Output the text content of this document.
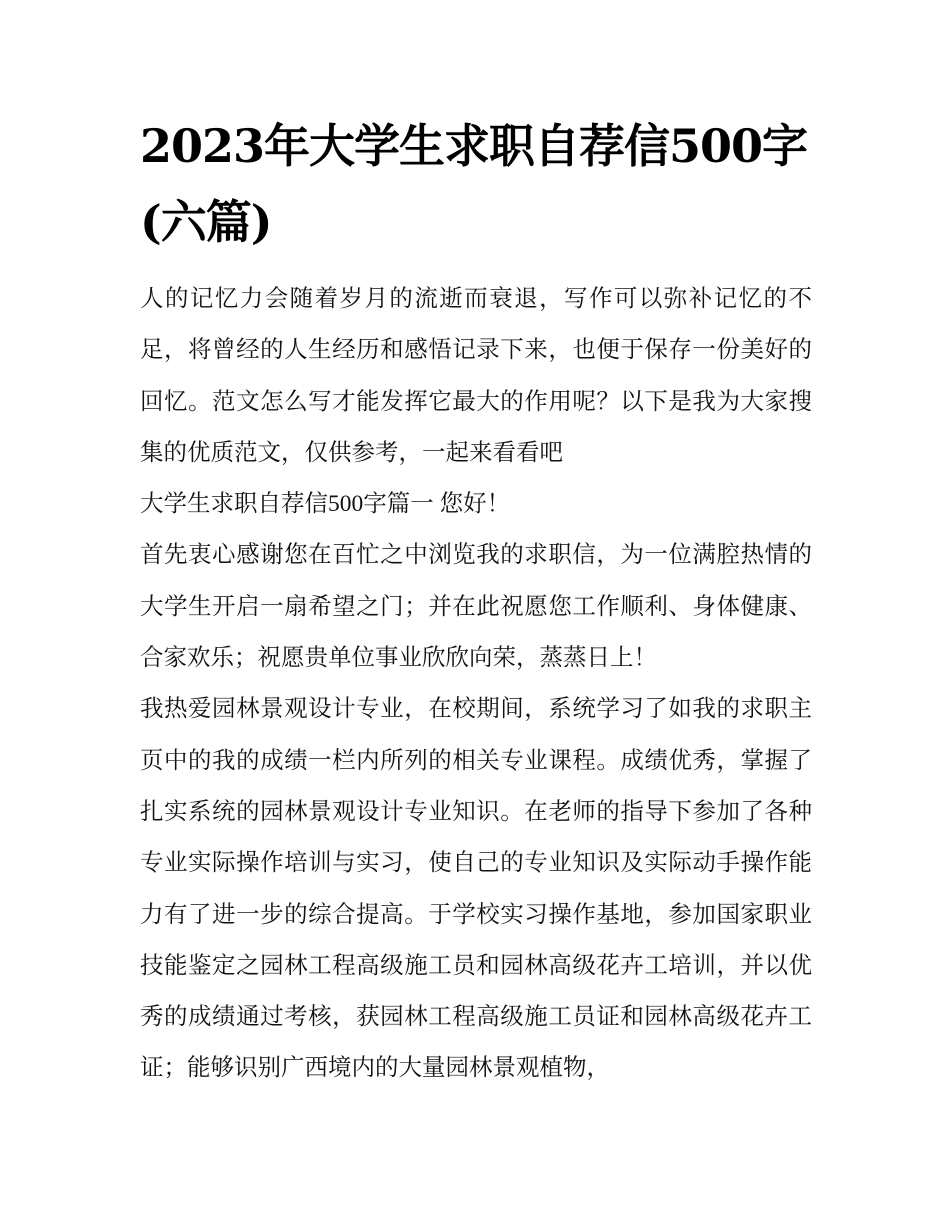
2023年大学生求职自荐信500字(六篇)

人的记忆力会随着岁月的流逝而衰退，写作可以弥补记忆的不足，将曾经的人生经历和感悟记录下来，也便于保存一份美好的回忆。范文怎么写才能发挥它最大的作用呢？以下是我为大家搜集的优质范文，仅供参考，一起来看看吧

大学生求职自荐信500字篇一 您好！

首先衷心感谢您在百忙之中浏览我的求职信，为一位满腔热情的大学生开启一扇希望之门；并在此祝愿您工作顺利、身体健康、合家欢乐；祝愿贵单位事业欣欣向荣，蒸蒸日上！

我热爱园林景观设计专业，在校期间，系统学习了如我的求职主页中的我的成绩一栏内所列的相关专业课程。成绩优秀，掌握了扎实系统的园林景观设计专业知识。在老师的指导下参加了各种专业实际操作培训与实习，使自己的专业知识及实际动手操作能力有了进一步的综合提高。于学校实习操作基地，参加国家职业技能鉴定之园林工程高级施工员和园林高级花卉工培训，并以优秀的成绩通过考核，获园林工程高级施工员证和园林高级花卉工证；能够识别广西境内的大量园林景观植物，
